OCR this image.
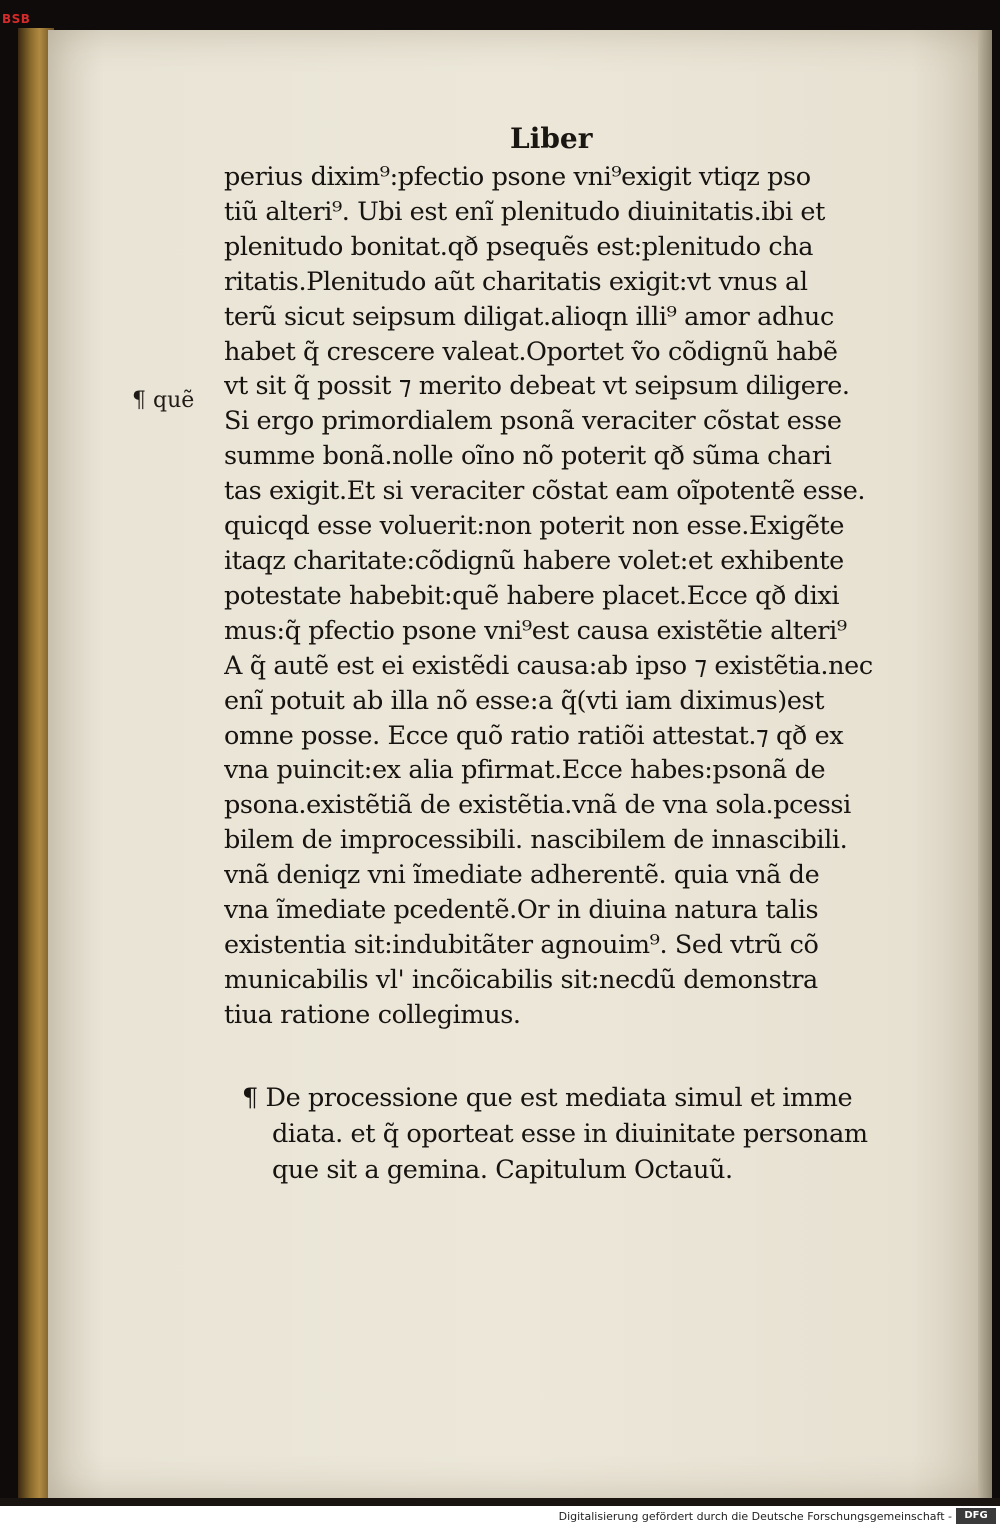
BSB
Liber
¶ quẽ
perius dixim⁹:pfectio psone vni⁹exigit vtiqz pso
tiũ alteri⁹. Ubi est enĩ plenitudo diuinitatis.ibi et
plenitudo bonitat.qð psequẽs est:plenitudo cha
ritatis.Plenitudo aũt charitatis exigit:vt vnus al
terũ sicut seipsum diligat.alioqn illi⁹ amor adhuc
habet q̃ crescere valeat.Oportet ṽo cõdignũ habẽ
vt sit q̃ possit ⁊ merito debeat vt seipsum diligere.
Si ergo primordialem psonã veraciter cõstat esse
summe bonã.nolle oĩno nõ poterit qð sũma chari
tas exigit.Et si veraciter cõstat eam oĩpotentẽ esse.
quicqd esse voluerit:non poterit non esse.Exigẽte
itaqz charitate:cõdignũ habere volet:et exhibente
potestate habebit:quẽ habere placet.Ecce qð dixi
mus:q̃ pfectio psone vni⁹est causa existẽtie alteri⁹
A q̃ autẽ est ei existẽdi causa:ab ipso ⁊ existẽtia.nec
enĩ potuit ab illa nõ esse:a q̃(vti iam diximus)est
omne posse. Ecce quõ ratio ratiõi attestat.⁊ qð ex
vna puincit:ex alia pfirmat.Ecce habes:psonã de
psona.existẽtiã de existẽtia.vnã de vna sola.pcessi
bilem de improcessibili. nascibilem de innascibili.
vnã deniqz vni ĩmediate adherentẽ. quia vnã de
vna ĩmediate pcedentẽ.Or in diuina natura talis
existentia sit:indubitãter agnouim⁹. Sed vtrũ cõ
municabilis vl' incõicabilis sit:necdũ demonstra
tiua ratione collegimus.
¶ De processione que est mediata simul et imme
diata. et q̃ oporteat esse in diuinitate personam
que sit a gemina. Capitulum Octauũ.
Digitalisierung gefördert durch die Deutsche Forschungsgemeinschaft -	DFG
